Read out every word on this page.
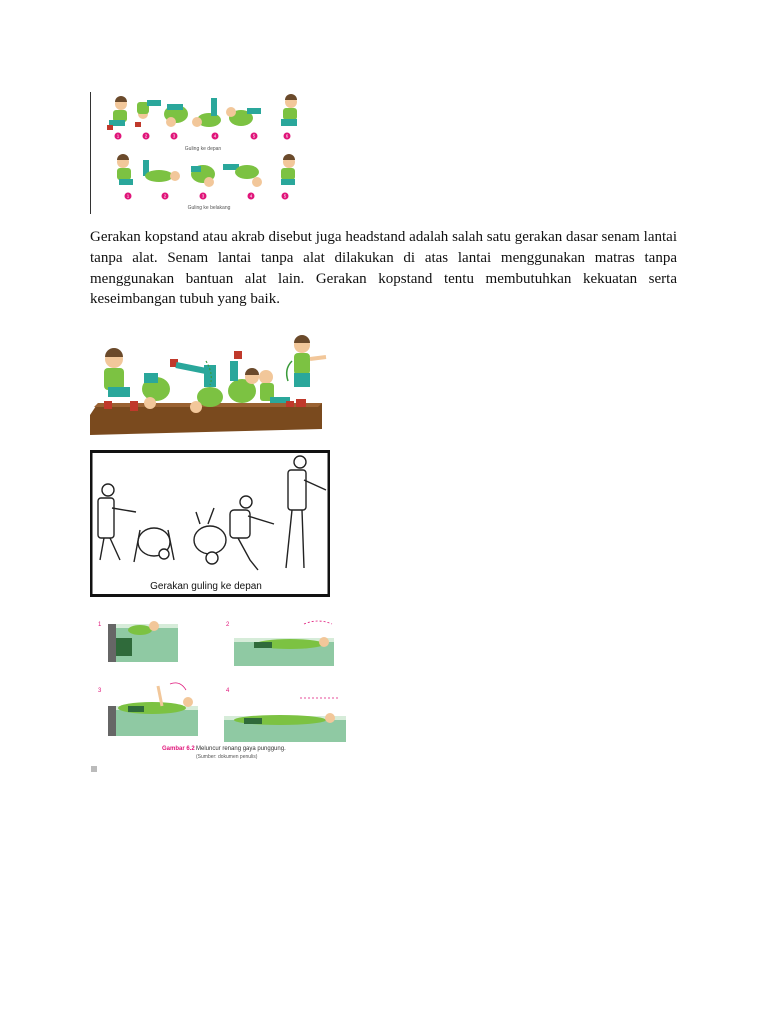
1	2	3	4	5	6
Guling ke depan
1	2	3	4	5
Guling ke belakang

Gerakan kopstand atau akrab disebut juga headstand adalah salah satu gerakan dasar senam lantai tanpa alat. Senam lantai tanpa alat dilakukan di atas lantai menggunakan matras tanpa menggunakan bantuan alat lain. Gerakan kopstand tentu membutuhkan kekuatan serta keseimbangan tubuh yang baik.

Gerakan guling ke depan
1	2
3	4
Gambar 6.2 Meluncur renang gaya punggung.
(Sumber: dokumen penulis)
